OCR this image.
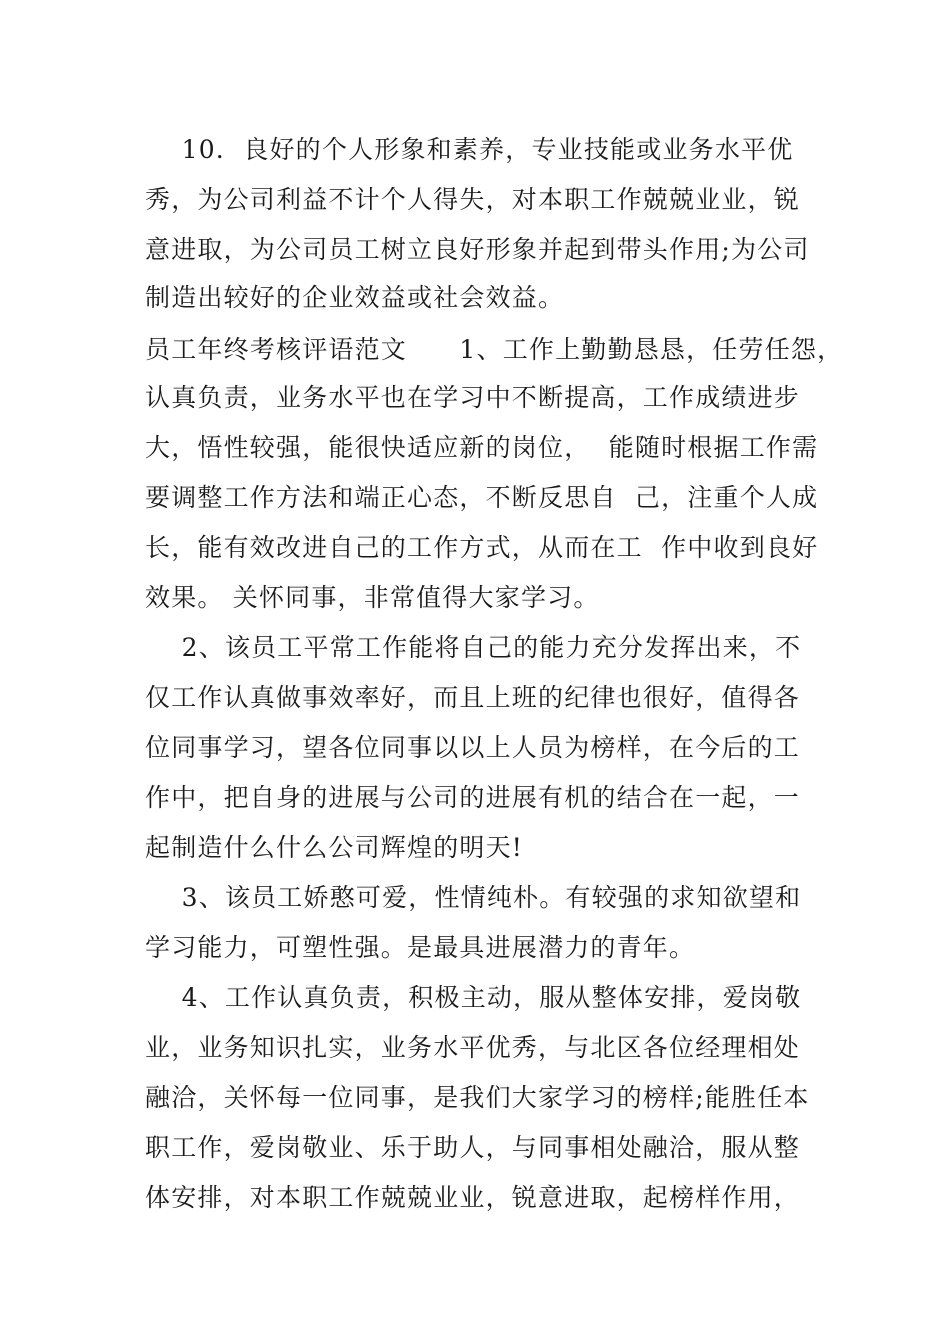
10.  良好的个人形象和素养，专业技能或业务水平优
秀，为公司利益不计个人得失，对本职工作兢兢业业，锐
意进取，为公司员工树立良好形象并起到带头作用;为公司
制造出较好的企业效益或社会效益。
员工年终考核评语范文　　1、工作上勤勤恳恳，任劳任怨，
认真负责，业务水平也在学习中不断提高，工作成绩进步
大，悟性较强，能很快适应新的岗位，  能随时根据工作需
要调整工作方法和端正心态，不断反思自  己，注重个人成
长，能有效改进自己的工作方式，从而在工  作中收到良好
效果。 关怀同事，非常值得大家学习。
2、该员工平常工作能将自己的能力充分发挥出来，不
仅工作认真做事效率好，而且上班的纪律也很好，值得各
位同事学习，望各位同事以以上人员为榜样，在今后的工
作中，把自身的进展与公司的进展有机的结合在一起，一
起制造什么什么公司辉煌的明天!
3、该员工娇憨可爱，性情纯朴。有较强的求知欲望和
学习能力，可塑性强。是最具进展潜力的青年。
4、工作认真负责，积极主动，服从整体安排，爱岗敬
业，业务知识扎实，业务水平优秀，与北区各位经理相处
融洽，关怀每一位同事，是我们大家学习的榜样;能胜任本
职工作，爱岗敬业、乐于助人，与同事相处融洽，服从整
体安排，对本职工作兢兢业业，锐意进取，起榜样作用，
